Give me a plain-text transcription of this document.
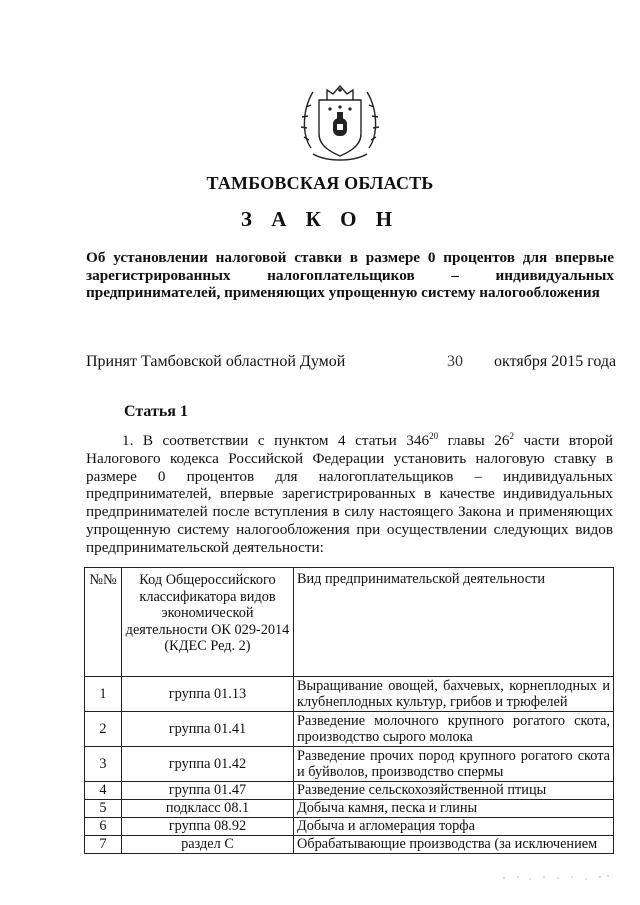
ТАМБОВСКАЯ ОБЛАСТЬ
З А К О Н
Об установлении налоговой ставки в размере 0 процентов для впервые зарегистрированных налогоплательщиков – индивидуальных предпринимателей, применяющих упрощенную систему налогообложения
Принят Тамбовской областной Думой	30 октября 2015 года
Статья 1
1. В соответствии с пунктом 4 статьи $346^{20}$ главы $26^2$ части второй Налогового кодекса Российской Федерации установить налоговую ставку в размере 0 процентов для налогоплательщиков – индивидуальных предпринимателей, впервые зарегистрированных в качестве индивидуальных предпринимателей после вступления в силу настоящего Закона и применяющих упрощенную систему налогообложения при осуществлении следующих видов предпринимательской деятельности:
№№	Код Общероссийского классификатора видов экономической деятельности ОК 029-2014 (КДЕС Ред. 2)	Вид предпринимательской деятельности
1	группа 01.13	Выращивание овощей, бахчевых, корнеплодных и клубнеплодных культур, грибов и трюфелей
2	группа 01.41	Разведение молочного крупного рогатого скота, производство сырого молока
3	группа 01.42	Разведение прочих пород крупного рогатого скота и буйволов, производство спермы
4	группа 01.47	Разведение сельскохозяйственной птицы
5	подкласс 08.1	Добыча камня, песка и глины
6	группа 08.92	Добыча и агломерация торфа
7	раздел С	Обрабатывающие производства (за исключением
